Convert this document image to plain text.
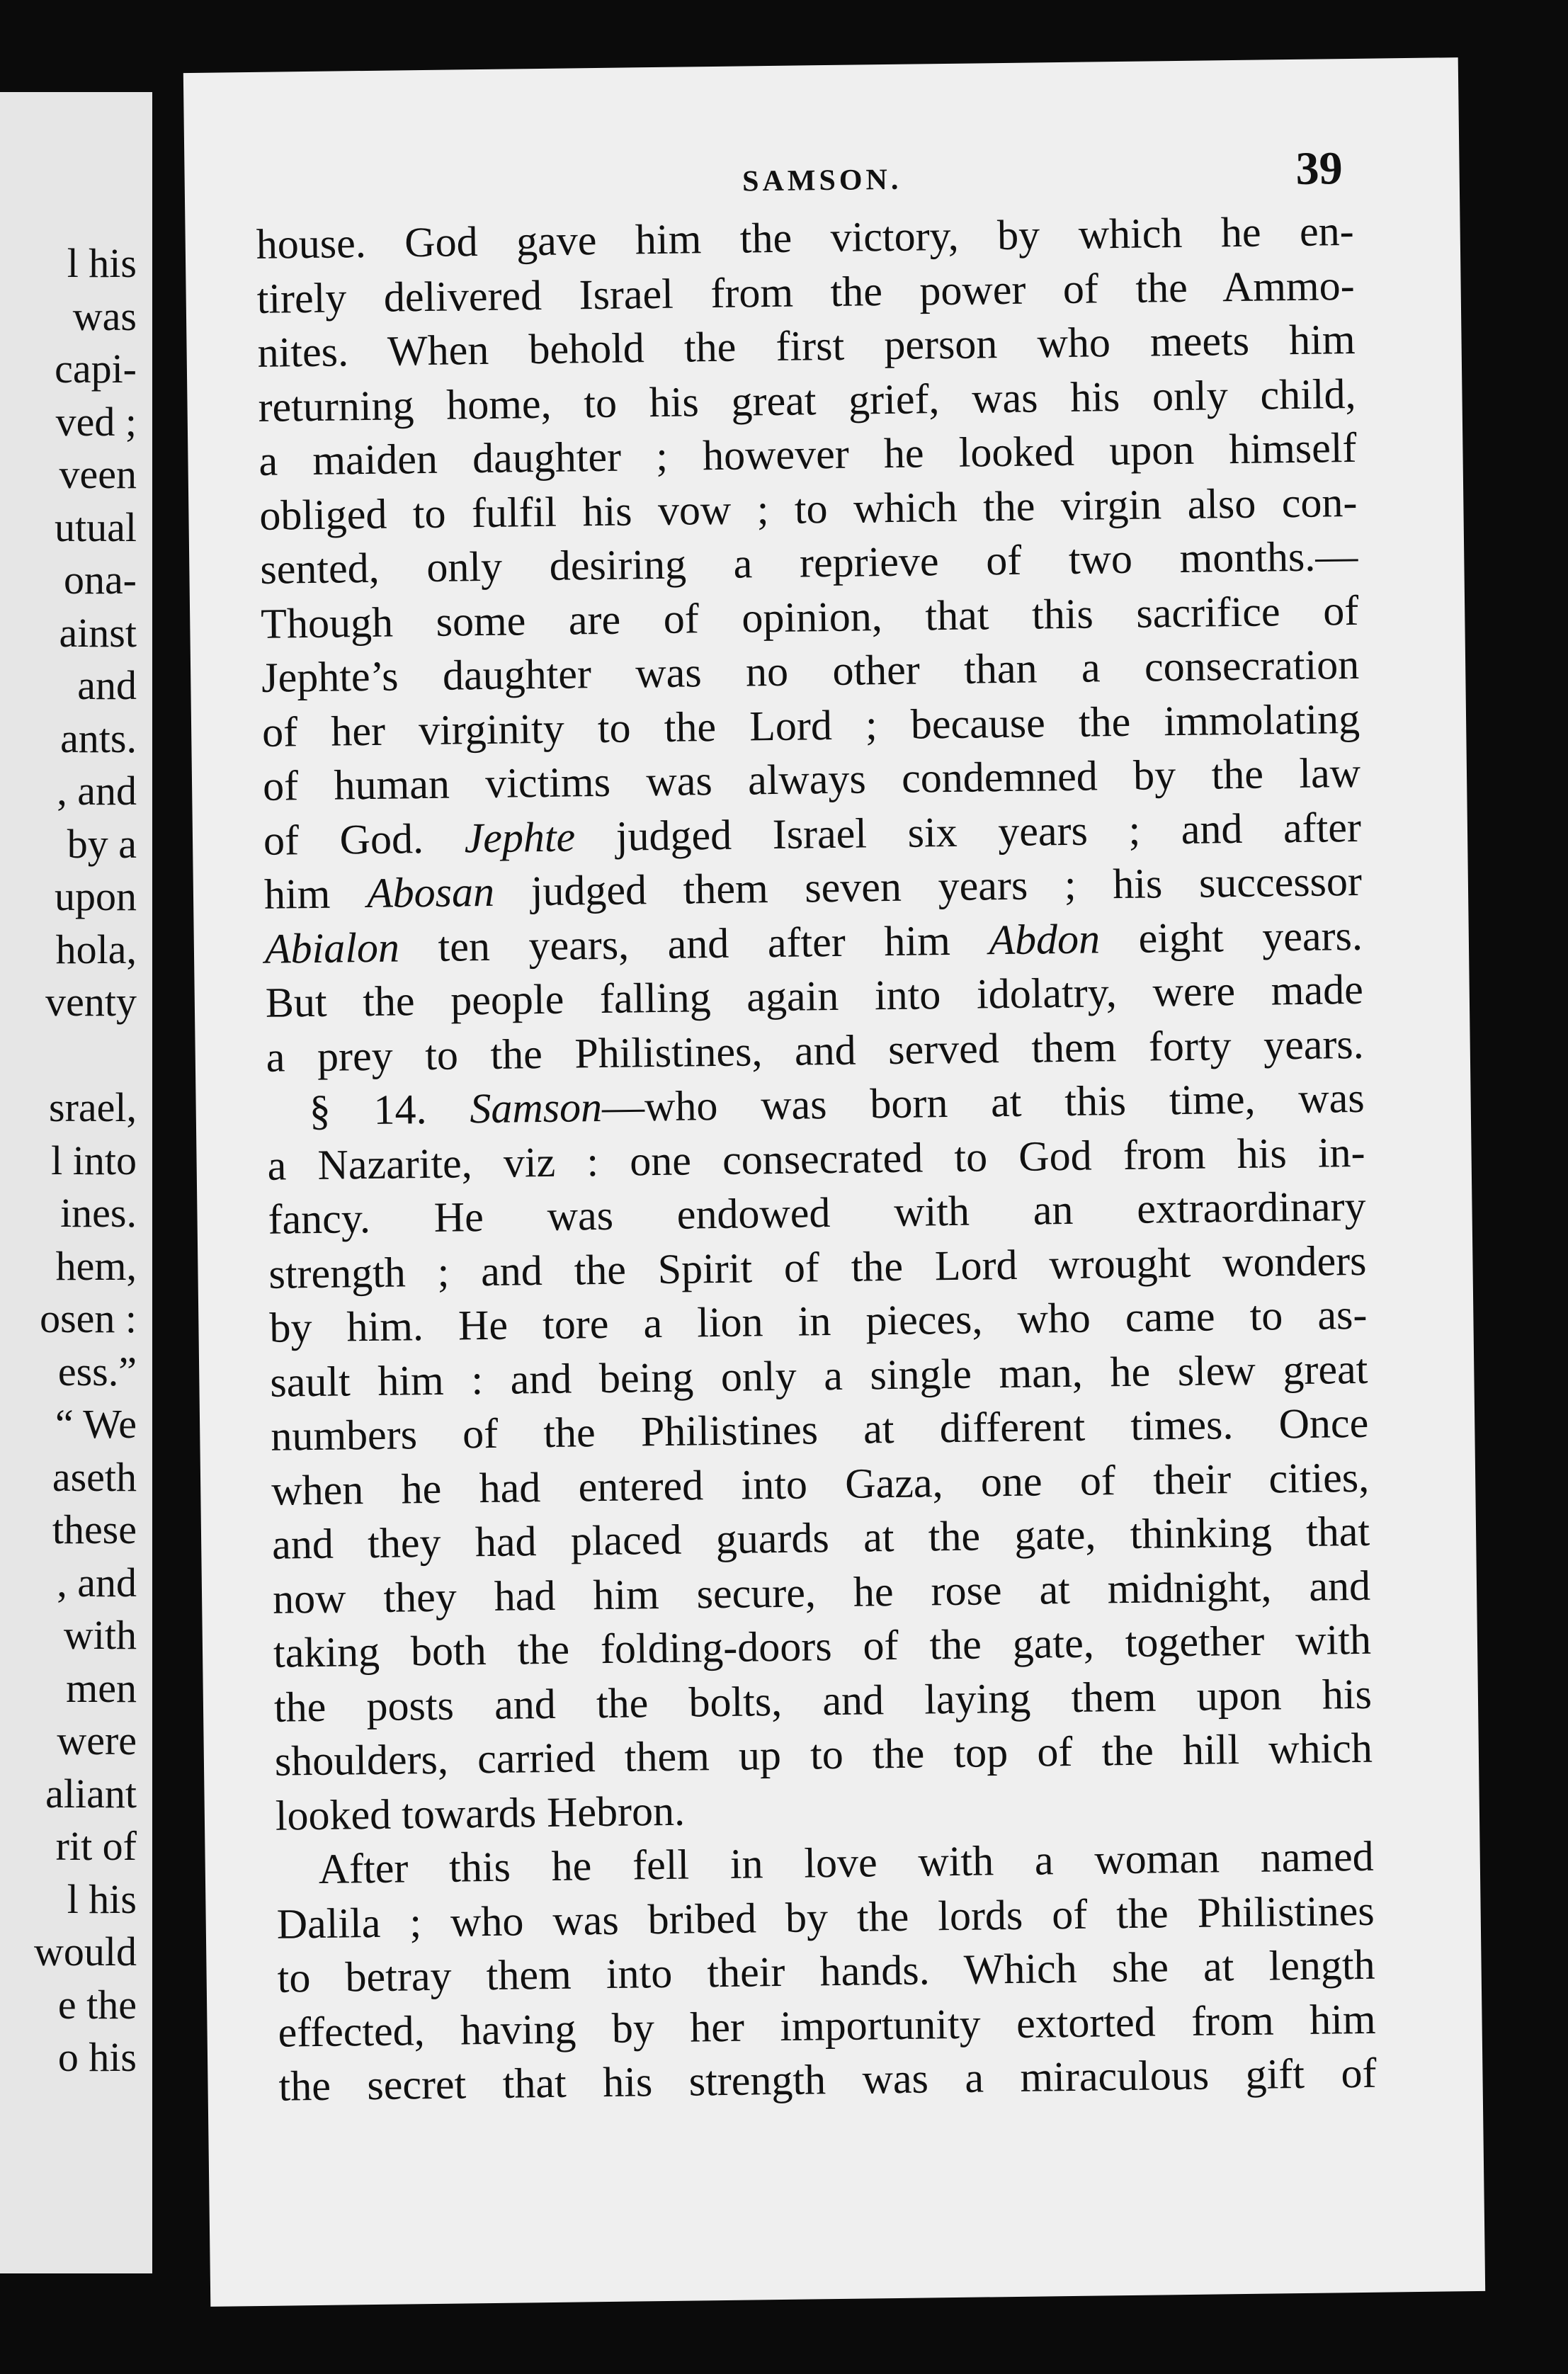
l his
was
capi-
ved ;
veen
utual
ona-
ainst
and
ants.
, and
by a
upon
hola,
venty
srael,
l into
ines.
hem,
osen :
ess.”
“ We
aseth
these
, and
with
men
were
aliant
rit of
l his
would
e the
o his
SAMSON.	39
house. God gave him the victory, by which he en-
tirely delivered Israel from the power of the Ammo-
nites. When behold the first person who meets him
returning home, to his great grief, was his only child,
a maiden daughter ; however he looked upon himself
obliged to fulfil his vow ; to which the virgin also con-
sented, only desiring a reprieve of two months.—
Though some are of opinion, that this sacrifice of
Jephte’s daughter was no other than a consecration
of her virginity to the Lord ; because the immolating
of human victims was always condemned by the law
of God. Jephte judged Israel six years ; and after
him Abosan judged them seven years ; his successor
Abialon ten years, and after him Abdon eight years.
But the people falling again into idolatry, were made
a prey to the Philistines, and served them forty years.
§ 14. Samson—who was born at this time, was
a Nazarite, viz : one consecrated to God from his in-
fancy. He was endowed with an extraordinary
strength ; and the Spirit of the Lord wrought wonders
by him. He tore a lion in pieces, who came to as-
sault him : and being only a single man, he slew great
numbers of the Philistines at different times. Once
when he had entered into Gaza, one of their cities,
and they had placed guards at the gate, thinking that
now they had him secure, he rose at midnight, and
taking both the folding-doors of the gate, together with
the posts and the bolts, and laying them upon his
shoulders, carried them up to the top of the hill which
looked towards Hebron.
After this he fell in love with a woman named
Dalila ; who was bribed by the lords of the Philistines
to betray them into their hands. Which she at length
effected, having by her importunity extorted from him
the secret that his strength was a miraculous gift of
